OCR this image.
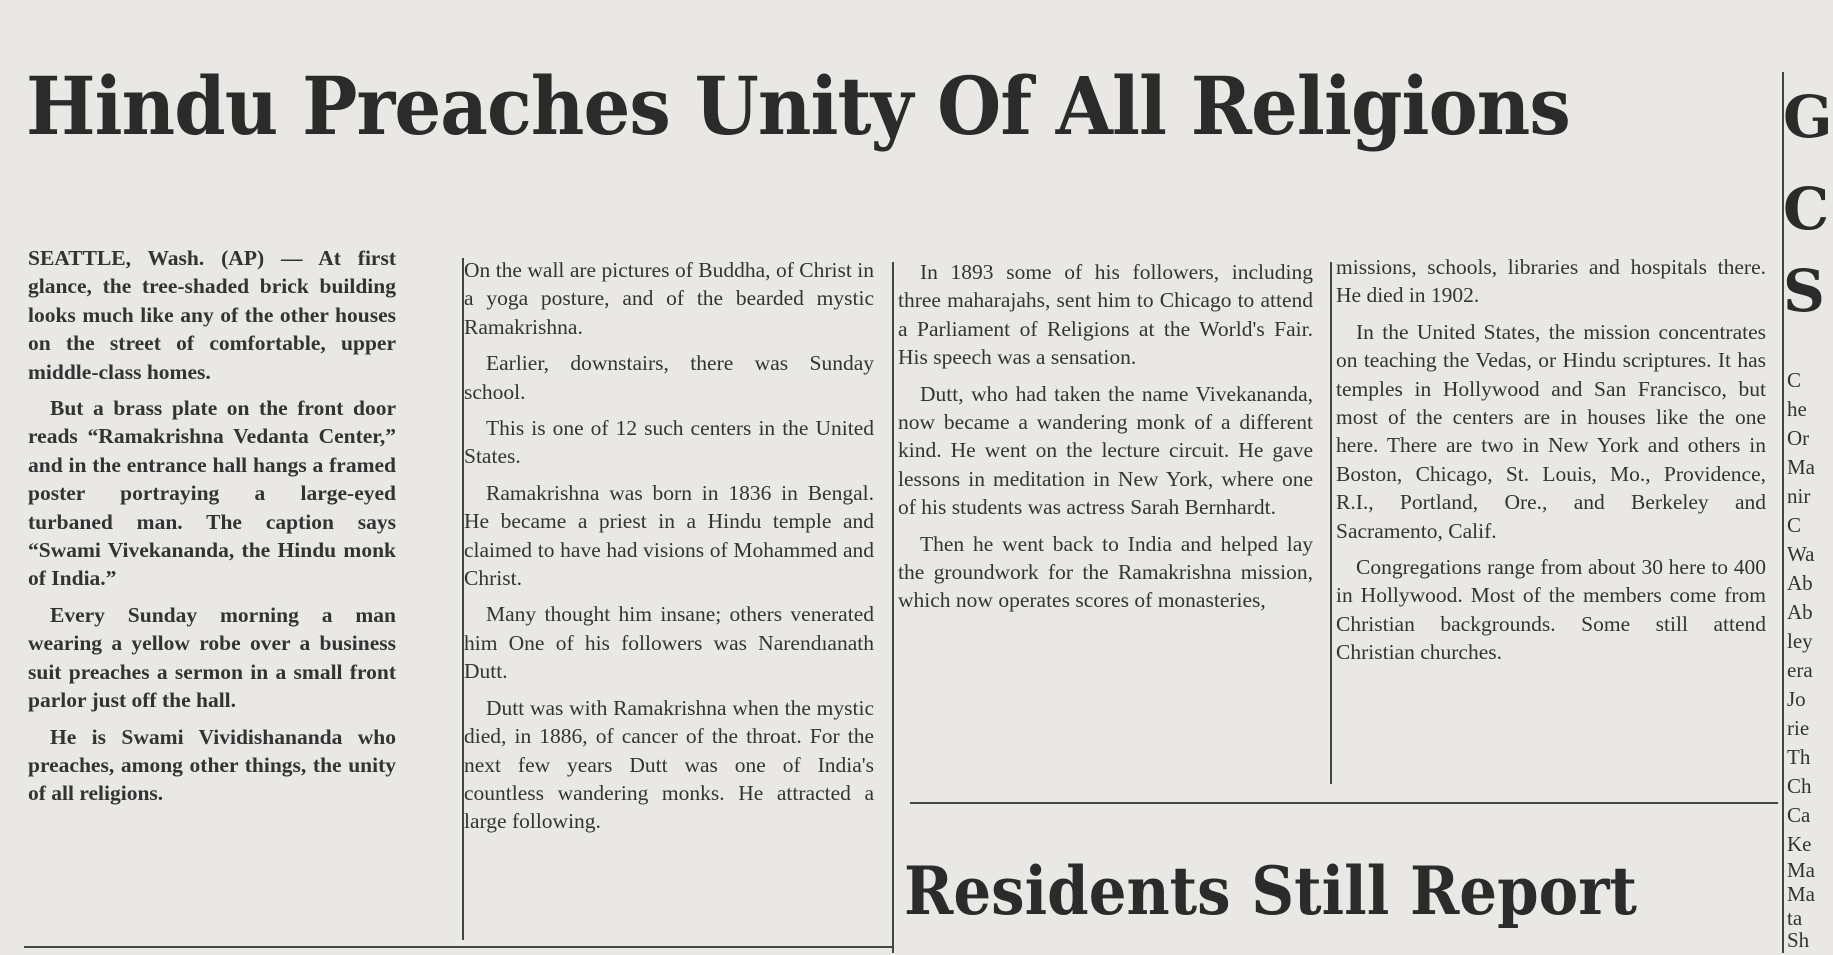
Hindu Preaches Unity Of All Religions

SEATTLE, Wash. (AP) — At first glance, the tree-shaded brick building looks much like any of the other houses on the street of comfortable, upper middle-class homes.

But a brass plate on the front door reads “Ramakrishna Vedanta Center,” and in the entrance hall hangs a framed poster portraying a large-eyed turbaned man. The caption says “Swami Vivekananda, the Hindu monk of India.”

Every Sunday morning a man wearing a yellow robe over a business suit preaches a sermon in a small front parlor just off the hall.

He is Swami Vividishananda who preaches, among other things, the unity of all religions.

On the wall are pictures of Buddha, of Christ in a yoga posture, and of the bearded mystic Ramakrishna.

Earlier, downstairs, there was Sunday school.

This is one of 12 such centers in the United States.

Ramakrishna was born in 1836 in Bengal. He became a priest in a Hindu temple and claimed to have had visions of Mohammed and Christ.

Many thought him insane; others venerated him One of his followers was Narendıanath Dutt.

Dutt was with Ramakrishna when the mystic died, in 1886, of cancer of the throat. For the next few years Dutt was one of India's countless wandering monks. He attracted a large following.

In 1893 some of his followers, including three maharajahs, sent him to Chicago to attend a Parliament of Religions at the World's Fair. His speech was a sensation.

Dutt, who had taken the name Vivekananda, now became a wandering monk of a different kind. He went on the lecture circuit. He gave lessons in meditation in New York, where one of his students was actress Sarah Bernhardt.

Then he went back to India and helped lay the groundwork for the Ramakrishna mission, which now operates scores of monasteries,

missions, schools, libraries and hospitals there. He died in 1902.

In the United States, the mission concentrates on teaching the Vedas, or Hindu scriptures. It has temples in Hollywood and San Francisco, but most of the centers are in houses like the one here. There are two in New York and others in Boston, Chicago, St. Louis, Mo., Providence, R.I., Portland, Ore., and Berkeley and Sacramento, Calif.

Congregations range from about 30 here to 400 in Hollywood. Most of the members come from Christian backgrounds. Some still attend Christian churches.

Residents Still Report
G
C
S
C
he
Or
Ma
nir
C
Wa
Ab
Ab
ley
era
Jo
rie
Th
Ch
Ca
Ke
Ma
Ma
ta
Sh
